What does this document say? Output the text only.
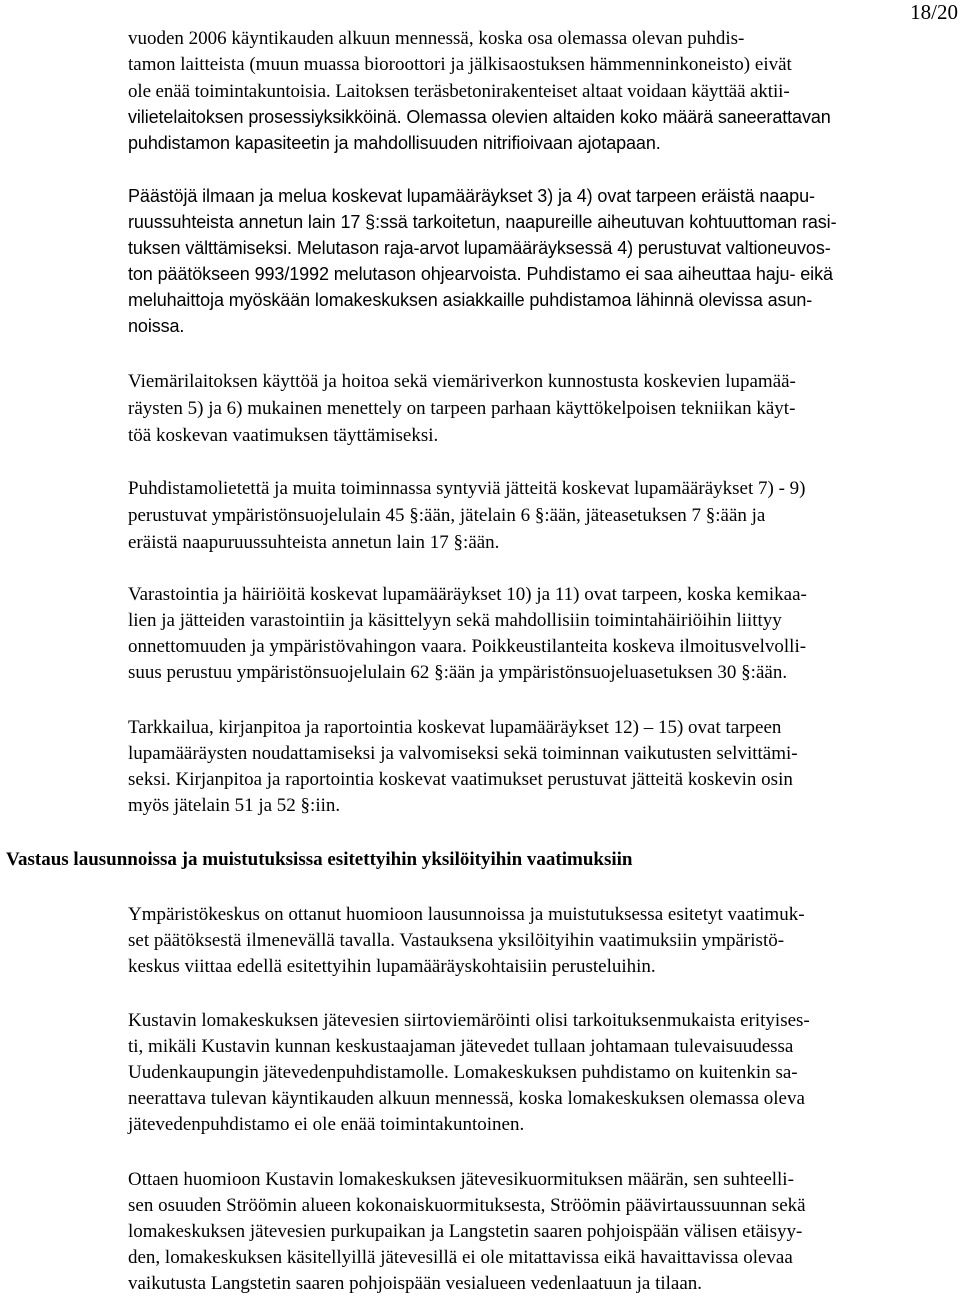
18/20
vuoden 2006 käyntikauden alkuun mennessä, koska osa olemassa olevan puhdis-
tamon laitteista (muun muassa bioroottori ja jälkisaostuksen hämmenninkoneisto) eivät
ole enää toimintakuntoisia. Laitoksen teräsbetonirakenteiset altaat voidaan käyttää aktii-
vilietelaitoksen prosessiyksikköinä. Olemassa olevien altaiden koko määrä saneerattavan
puhdistamon kapasiteetin ja mahdollisuuden nitrifioivaan ajotapaan.
Päästöjä ilmaan ja melua koskevat lupamääräykset 3) ja 4) ovat tarpeen eräistä naapu-
ruussuhteista annetun lain 17 §:ssä tarkoitetun, naapureille aiheutuvan kohtuuttoman rasi-
tuksen välttämiseksi. Melutason raja-arvot lupamääräyksessä 4) perustuvat valtioneuvos-
ton päätökseen 993/1992 melutason ohjearvoista. Puhdistamo ei saa aiheuttaa haju- eikä
meluhaittoja myöskään lomakeskuksen asiakkaille puhdistamoa lähinnä olevissa asun-
noissa.
Viemärilaitoksen käyttöä ja hoitoa sekä viemäriverkon kunnostusta koskevien lupamää-
räysten 5) ja 6) mukainen menettely on tarpeen parhaan käyttökelpoisen tekniikan käyt-
töä koskevan vaatimuksen täyttämiseksi.
Puhdistamolietettä ja muita toiminnassa syntyviä jätteitä koskevat lupamääräykset 7) - 9)
perustuvat ympäristönsuojelulain 45 §:ään, jätelain 6 §:ään, jäteasetuksen 7 §:ään ja
eräistä naapuruussuhteista annetun lain 17 §:ään.
Varastointia ja häiriöitä koskevat lupamääräykset 10) ja 11) ovat tarpeen, koska kemikaa-
lien ja jätteiden varastointiin ja käsittelyyn sekä mahdollisiin toimintahäiriöihin liittyy
onnettomuuden ja ympäristövahingon vaara. Poikkeustilanteita koskeva ilmoitusvelvolli-
suus perustuu ympäristönsuojelulain 62 §:ään ja ympäristönsuojeluasetuksen 30 §:ään.
Tarkkailua, kirjanpitoa ja raportointia koskevat lupamääräykset 12) – 15) ovat tarpeen
lupamääräysten noudattamiseksi ja valvomiseksi sekä toiminnan vaikutusten selvittämi-
seksi. Kirjanpitoa ja raportointia koskevat vaatimukset perustuvat jätteitä koskevin osin
myös jätelain 51 ja 52 §:iin.
Vastaus lausunnoissa ja muistutuksissa esitettyihin yksilöityihin vaatimuksiin
Ympäristökeskus on ottanut huomioon lausunnoissa ja muistutuksessa esitetyt vaatimuk-
set päätöksestä ilmenevällä tavalla. Vastauksena yksilöityihin vaatimuksiin ympäristö-
keskus viittaa edellä esitettyihin lupamääräyskohtaisiin perusteluihin.
Kustavin lomakeskuksen jätevesien siirtoviemäröinti olisi tarkoituksenmukaista erityises-
ti, mikäli Kustavin kunnan keskustaajaman jätevedet tullaan johtamaan tulevaisuudessa
Uudenkaupungin jätevedenpuhdistamolle. Lomakeskuksen puhdistamo on kuitenkin sa-
neerattava tulevan käyntikauden alkuun mennessä, koska lomakeskuksen olemassa oleva
jätevedenpuhdistamo ei ole enää toimintakuntoinen.
Ottaen huomioon Kustavin lomakeskuksen jätevesikuormituksen määrän, sen suhteelli-
sen osuuden Ströömin alueen kokonaiskuormituksesta, Ströömin päävirtaussuunnan sekä
lomakeskuksen jätevesien purkupaikan ja Langstetin saaren pohjoispään välisen etäisyy-
den, lomakeskuksen käsitellyillä jätevesillä ei ole mitattavissa eikä havaittavissa olevaa
vaikutusta Langstetin saaren pohjoispään vesialueen vedenlaatuun ja tilaan.
